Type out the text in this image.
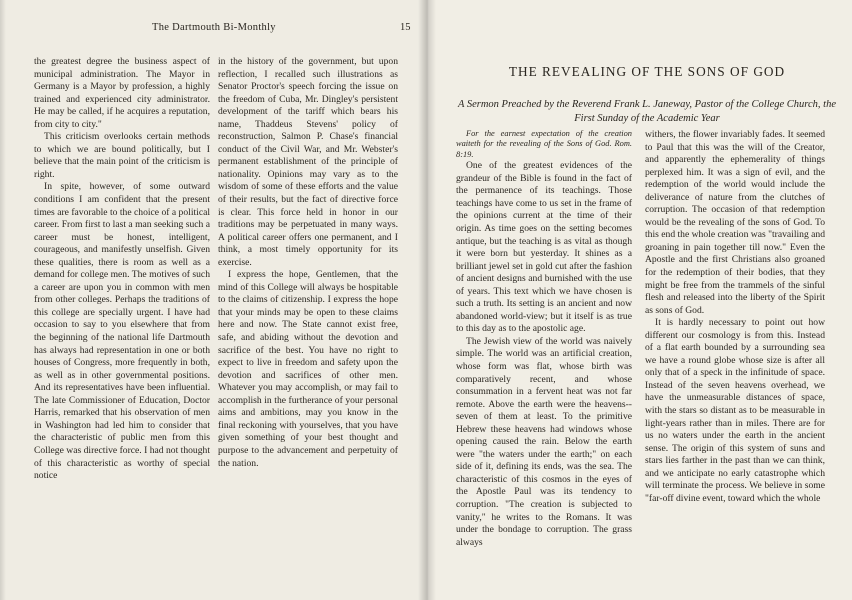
The Dartmouth Bi-Monthly	15

the greatest degree the business aspect of municipal administration. The Mayor in Germany is a Mayor by profession, a highly trained and experienced city administrator. He may be called, if he acquires a reputation, from city to city."

This criticism overlooks certain methods to which we are bound politically, but I believe that the main point of the criticism is right.

In spite, however, of some outward conditions I am confident that the present times are favorable to the choice of a political career. From first to last a man seeking such a career must be honest, intelligent, courageous, and manifestly unselfish. Given these qualities, there is room as well as a demand for college men. The motives of such a career are upon you in common with men from other colleges. Perhaps the traditions of this college are specially urgent. I have had occasion to say to you elsewhere that from the beginning of the national life Dartmouth has always had representation in one or both houses of Congress, more frequently in both, as well as in other governmental positions. And its representatives have been influential. The late Commissioner of Education, Doctor Harris, remarked that his observation of men in Washington had led him to consider that the characteristic of public men from this College was directive force. I had not thought of this characteristic as worthy of special notice

in the history of the government, but upon reflection, I recalled such illustrations as Senator Proctor's speech forcing the issue on the freedom of Cuba, Mr. Dingley's persistent development of the tariff which bears his name, Thaddeus Stevens' policy of reconstruction, Salmon P. Chase's financial conduct of the Civil War, and Mr. Webster's permanent establishment of the principle of nationality. Opinions may vary as to the wisdom of some of these efforts and the value of their results, but the fact of directive force is clear. This force held in honor in our traditions may be perpetuated in many ways. A political career offers one permanent, and I think, a most timely opportunity for its exercise.

I express the hope, Gentlemen, that the mind of this College will always be hospitable to the claims of citizenship. I express the hope that your minds may be open to these claims here and now. The State cannot exist free, safe, and abiding without the devotion and sacrifice of the best. You have no right to expect to live in freedom and safety upon the devotion and sacrifices of other men. Whatever you may accomplish, or may fail to accomplish in the furtherance of your personal aims and ambitions, may you know in the final reckoning with yourselves, that you have given something of your best thought and purpose to the advancement and perpetuity of the nation.

THE REVEALING OF THE SONS OF GOD
A Sermon Preached by the Reverend Frank L. Janeway, Pastor of the College Church, the First Sunday of the Academic Year

For the earnest expectation of the creation waiteth for the revealing of the Sons of God. Rom. 8:19.

One of the greatest evidences of the grandeur of the Bible is found in the fact of the permanence of its teachings. Those teachings have come to us set in the frame of the opinions current at the time of their origin. As time goes on the setting becomes antique, but the teaching is as vital as though it were born but yesterday. It shines as a brilliant jewel set in gold cut after the fashion of ancient designs and burnished with the use of years. This text which we have chosen is such a truth. Its setting is an ancient and now abandoned world-view; but it itself is as true to this day as to the apostolic age.

The Jewish view of the world was naively simple. The world was an artificial creation, whose form was flat, whose birth was comparatively recent, and whose consummation in a fervent heat was not far remote. Above the earth were the heavens--seven of them at least. To the primitive Hebrew these heavens had windows whose opening caused the rain. Below the earth were "the waters under the earth;" on each side of it, defining its ends, was the sea. The characteristic of this cosmos in the eyes of the Apostle Paul was its tendency to corruption. "The creation is subjected to vanity," he writes to the Romans. It was under the bondage to corruption. The grass always

withers, the flower invariably fades. It seemed to Paul that this was the will of the Creator, and apparently the ephemerality of things perplexed him. It was a sign of evil, and the redemption of the world would include the deliverance of nature from the clutches of corruption. The occasion of that redemption would be the revealing of the sons of God. To this end the whole creation was "travailing and groaning in pain together till now." Even the Apostle and the first Christians also groaned for the redemption of their bodies, that they might be free from the trammels of the sinful flesh and released into the liberty of the Spirit as sons of God.

It is hardly necessary to point out how different our cosmology is from this. Instead of a flat earth bounded by a surrounding sea we have a round globe whose size is after all only that of a speck in the infinitude of space. Instead of the seven heavens overhead, we have the unmeasurable distances of space, with the stars so distant as to be measurable in light-years rather than in miles. There are for us no waters under the earth in the ancient sense. The origin of this system of suns and stars lies farther in the past than we can think, and we anticipate no early catastrophe which will terminate the process. We believe in some "far-off divine event, toward which the whole
